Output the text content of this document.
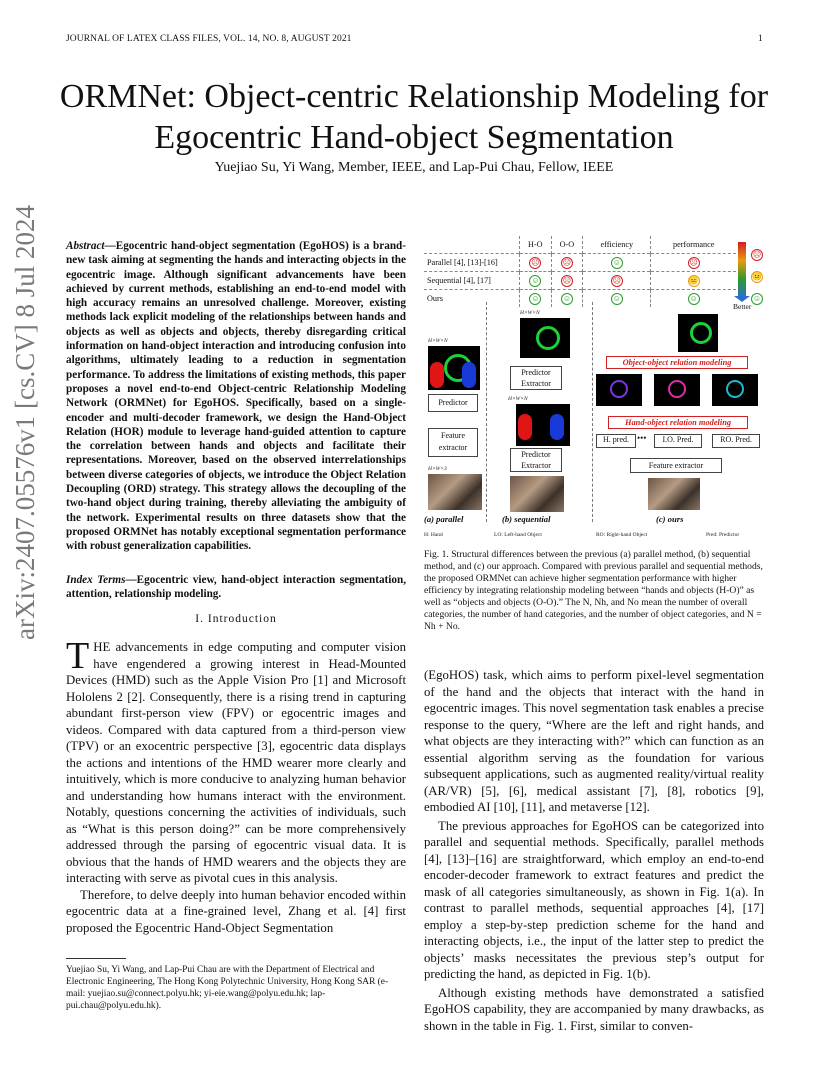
JOURNAL OF LATEX CLASS FILES, VOL. 14, NO. 8, AUGUST 2021	1
ORMNet: Object-centric Relationship Modeling for Egocentric Hand-object Segmentation
Yuejiao Su, Yi Wang, Member, IEEE, and Lap-Pui Chau, Fellow, IEEE
arXiv:2407.05576v1 [cs.CV] 8 Jul 2024 Abstract—Egocentric hand-object segmentation (EgoHOS) is a brand-new task aiming at segmenting the hands and interacting objects in the egocentric image. Although significant advancements have been achieved by current methods, establishing an end-to-end model with high accuracy remains an unresolved challenge. Moreover, existing methods lack explicit modeling of the relationships between hands and objects as well as objects and objects, thereby disregarding critical information on hand-object interaction and introducing confusion into algorithms, ultimately leading to a reduction in segmentation performance. To address the limitations of existing methods, this paper proposes a novel end-to-end Object-centric Relationship Modeling Network (ORMNet) for EgoHOS. Specifically, based on a single-encoder and multi-decoder framework, we design the Hand-Object Relation (HOR) module to leverage hand-guided attention to capture the correlation between hands and objects and facilitate their representations. Moreover, based on the observed interrelationships between diverse categories of objects, we introduce the Object Relation Decoupling (ORD) strategy. This strategy allows the decoupling of the two-hand object during training, thereby alleviating the ambiguity of the network. Experimental results on three datasets show that the proposed ORMNet has notably exceptional segmentation performance with robust generalization capabilities.
Index Terms—Egocentric view, hand-object interaction segmentation, attention, relationship modeling.
I. Introduction

THE advancements in edge computing and computer vision have engendered a growing interest in Head-Mounted Devices (HMD) such as the Apple Vision Pro [1] and Microsoft Hololens 2 [2]. Consequently, there is a rising trend in capturing abundant first-person view (FPV) or egocentric images and videos. Compared with data captured from a third-person view (TPV) or an exocentric perspective [3], egocentric data displays the actions and intentions of the HMD wearer more clearly and intuitively, which is more conducive to analyzing human behavior and understanding how humans interact with the environment. Notably, questions concerning the activities of individuals, such as “What is this person doing?” can be more comprehensively addressed through the parsing of egocentric visual data. It is obvious that the hands of HMD wearers and the objects they are interacting with serve as pivotal cues in this analysis.

Therefore, to delve deeply into human behavior encoded within egocentric data at a fine-grained level, Zhang et al. [4] first proposed the Egocentric Hand-Object Segmentation

Yuejiao Su, Yi Wang, and Lap-Pui Chau are with the Department of Electrical and Electronic Engineering, The Hong Kong Polytechnic University, Hong Kong SAR (e-mail: yuejiao.su@connect.polyu.hk; yi-eie.wang@polyu.edu.hk; lap-pui.chau@polyu.edu.hk).
	H-O	O-O	efficiency	performance
Parallel [4], [13]-[16]	☹	☹	☺	☹
Sequential [4], [17]	☺	☹	☹	😐
Ours	☺	☺	☺	☺
☹
😐
☺
Better
H×W×N
Predictor
Feature extractor
H×W×3
(a) parallel
H×W×N
Predictor Extractor
H×W×N
Predictor Extractor
(b) sequential
Object-object relation modeling
Hand-object relation modeling
H. pred. •••	I.O. Pred.	RO. Pred.
Feature extractor
(c) ours
H: Hand	LO: Left-hand Object	RO: Right-hand Object	Pred: Predictor
Fig. 1. Structural differences between the previous (a) parallel method, (b) sequential method, and (c) our approach. Compared with previous parallel and sequential methods, the proposed ORMNet can achieve higher segmentation performance with higher efficiency by integrating relationship modeling between “hands and objects (H-O)” as well as “objects and objects (O-O).” The N, Nh, and No mean the number of overall categories, the number of hand categories, and the number of object categories, and N = Nh + No.

(EgoHOS) task, which aims to perform pixel-level segmentation of the hand and the objects that interact with the hand in egocentric images. This novel segmentation task enables a precise response to the query, “Where are the left and right hands, and what objects are they interacting with?” which can function as an essential algorithm serving as the foundation for various subsequent applications, such as augmented reality/virtual reality (AR/VR) [5], [6], medical assistant [7], [8], robotics [9], embodied AI [10], [11], and metaverse [12].

The previous approaches for EgoHOS can be categorized into parallel and sequential methods. Specifically, parallel methods [4], [13]–[16] are straightforward, which employ an end-to-end encoder-decoder framework to extract features and predict the mask of all categories simultaneously, as shown in Fig. 1(a). In contrast to parallel methods, sequential approaches [4], [17] employ a step-by-step prediction scheme for the hand and interacting objects, i.e., the input of the latter step to predict the objects’ masks necessitates the previous step’s output for predicting the hand, as depicted in Fig. 1(b).

Although existing methods have demonstrated a satisfied EgoHOS capability, they are accompanied by many drawbacks, as shown in the table in Fig. 1. First, similar to conven-
